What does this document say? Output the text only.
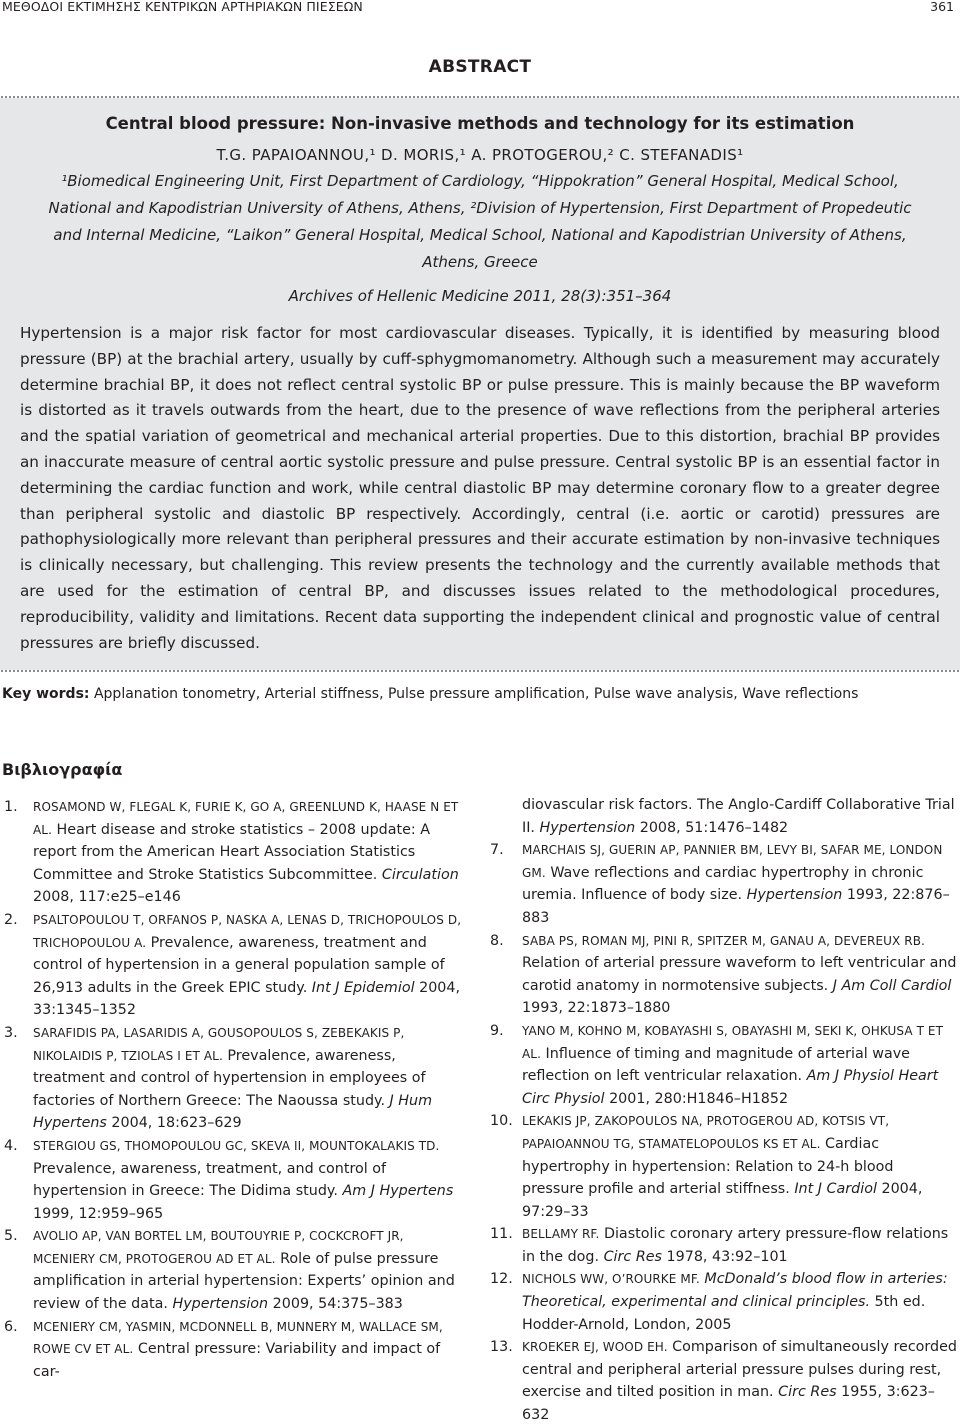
ΜΕΘΟΔΟΙ ΕΚΤΙΜΗΣΗΣ ΚΕΝΤΡΙΚΩΝ ΑΡΤΗΡΙΑΚΩΝ ΠΙΕΣΕΩΝ	361
ABSTRACT
Central blood pressure: Non-invasive methods and technology for its estimation
T.G. PAPAIOANNOU,¹ D. MORIS,¹ A. PROTOGEROU,² C. STEFANADIS¹
¹Biomedical Engineering Unit, First Department of Cardiology, “Hippokration” General Hospital, Medical School, National and Kapodistrian University of Athens, Athens, ²Division of Hypertension, First Department of Propedeutic and Internal Medicine, “Laikon” General Hospital, Medical School, National and Kapodistrian University of Athens, Athens, Greece
Archives of Hellenic Medicine 2011, 28(3):351–364
Hypertension is a major risk factor for most cardiovascular diseases. Typically, it is identified by measuring blood pressure (BP) at the brachial artery, usually by cuff-sphygmomanometry. Although such a measurement may accurately determine brachial BP, it does not reflect central systolic BP or pulse pressure. This is mainly because the BP waveform is distorted as it travels outwards from the heart, due to the presence of wave reflections from the peripheral arteries and the spatial variation of geometrical and mechanical arterial properties. Due to this distortion, brachial BP provides an inaccurate measure of central aortic systolic pressure and pulse pressure. Central systolic BP is an essential factor in determining the cardiac function and work, while central diastolic BP may determine coronary flow to a greater degree than peripheral systolic and diastolic BP respectively. Accordingly, central (i.e. aortic or carotid) pressures are pathophysiologically more relevant than peripheral pressures and their accurate estimation by non-invasive techniques is clinically necessary, but challenging. This review presents the technology and the currently available methods that are used for the estimation of central BP, and discusses issues related to the methodological procedures, reproducibility, validity and limitations. Recent data supporting the independent clinical and prognostic value of central pressures are briefly discussed.
Key words: Applanation tonometry, Arterial stiffness, Pulse pressure amplification, Pulse wave analysis, Wave reflections
Βιβλιογραφία
1. ROSAMOND W, FLEGAL K, FURIE K, GO A, GREENLUND K, HAASE N ET AL. Heart disease and stroke statistics – 2008 update: A report from the American Heart Association Statistics Committee and Stroke Statistics Subcommittee. Circulation 2008, 117:e25–e146
2. PSALTOPOULOU T, ORFANOS P, NASKA A, LENAS D, TRICHOPOULOS D, TRICHOPOULOU A. Prevalence, awareness, treatment and control of hypertension in a general population sample of 26,913 adults in the Greek EPIC study. Int J Epidemiol 2004, 33:1345–1352
3. SARAFIDIS PA, LASARIDIS A, GOUSOPOULOS S, ZEBEKAKIS P, NIKOLAIDIS P, TZIOLAS I ET AL. Prevalence, awareness, treatment and control of hypertension in employees of factories of Northern Greece: The Naoussa study. J Hum Hypertens 2004, 18:623–629
4. STERGIOU GS, THOMOPOULOU GC, SKEVA II, MOUNTOKALAKIS TD. Prevalence, awareness, treatment, and control of hypertension in Greece: The Didima study. Am J Hypertens 1999, 12:959–965
5. AVOLIO AP, VAN BORTEL LM, BOUTOUYRIE P, COCKCROFT JR, MCENIERY CM, PROTOGEROU AD ET AL. Role of pulse pressure amplification in arterial hypertension: Experts’ opinion and review of the data. Hypertension 2009, 54:375–383
6. MCENIERY CM, YASMIN, MCDONNELL B, MUNNERY M, WALLACE SM, ROWE CV ET AL. Central pressure: Variability and impact of car-
diovascular risk factors. The Anglo-Cardiff Collaborative Trial II. Hypertension 2008, 51:1476–1482
7. MARCHAIS SJ, GUERIN AP, PANNIER BM, LEVY BI, SAFAR ME, LONDON GM. Wave reflections and cardiac hypertrophy in chronic uremia. Influence of body size. Hypertension 1993, 22:876–883
8. SABA PS, ROMAN MJ, PINI R, SPITZER M, GANAU A, DEVEREUX RB. Relation of arterial pressure waveform to left ventricular and carotid anatomy in normotensive subjects. J Am Coll Cardiol 1993, 22:1873–1880
9. YANO M, KOHNO M, KOBAYASHI S, OBAYASHI M, SEKI K, OHKUSA T ET AL. Influence of timing and magnitude of arterial wave reflection on left ventricular relaxation. Am J Physiol Heart Circ Physiol 2001, 280:H1846–H1852
10. LEKAKIS JP, ZAKOPOULOS NA, PROTOGEROU AD, KOTSIS VT, PAPAIOANNOU TG, STAMATELOPOULOS KS ET AL. Cardiac hypertrophy in hypertension: Relation to 24-h blood pressure profile and arterial stiffness. Int J Cardiol 2004, 97:29–33
11. BELLAMY RF. Diastolic coronary artery pressure-flow relations in the dog. Circ Res 1978, 43:92–101
12. NICHOLS WW, O’ROURKE MF. McDonald’s blood flow in arteries: Theoretical, experimental and clinical principles. 5th ed. Hodder-Arnold, London, 2005
13. KROEKER EJ, WOOD EH. Comparison of simultaneously recorded central and peripheral arterial pressure pulses during rest, exercise and tilted position in man. Circ Res 1955, 3:623–632
